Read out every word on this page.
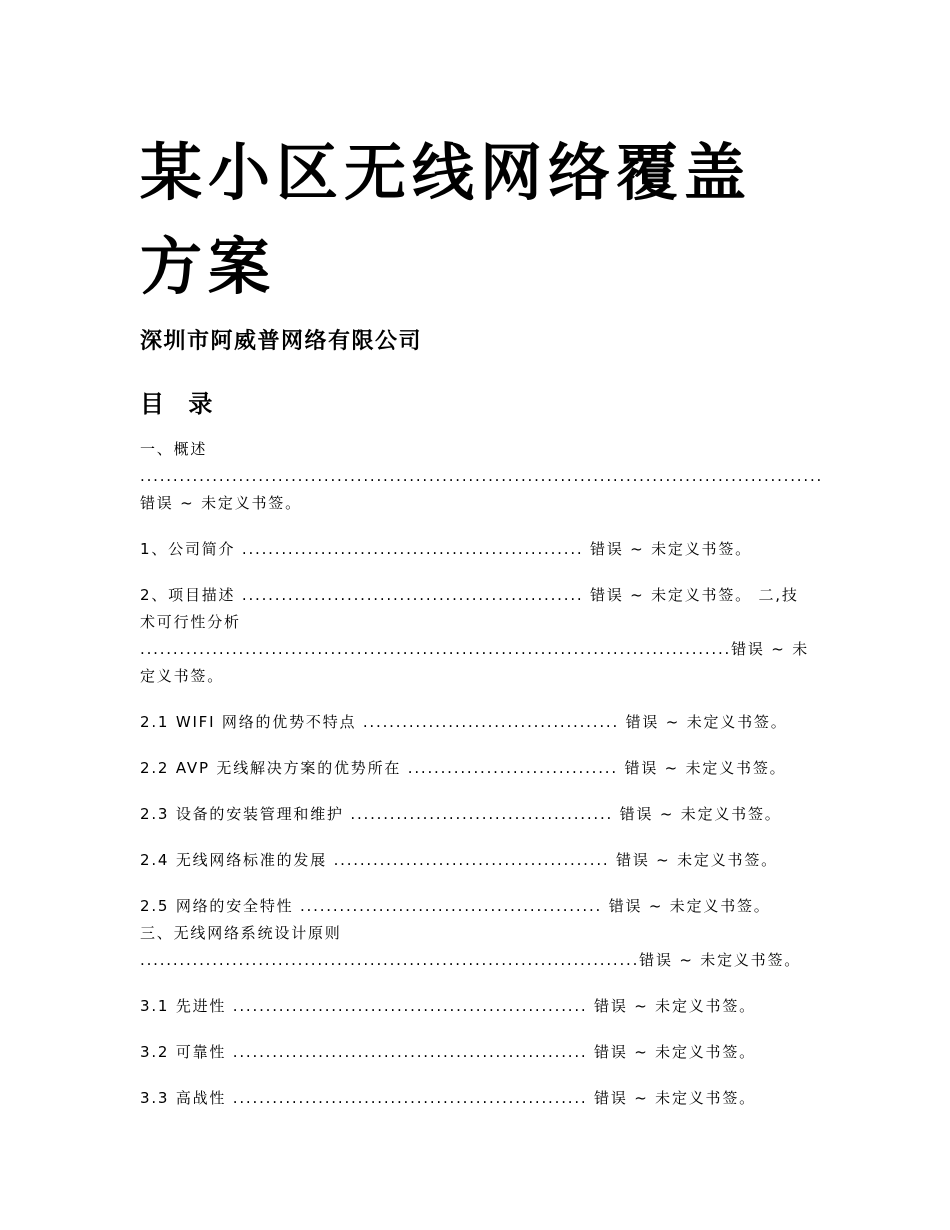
某小区无线网络覆盖方案
深圳市阿威普网络有限公司
目 录

一、概述 ........................................................................................................错误 ~ 未定义书签。

1、公司简介 .................................................... 错误 ~ 未定义书签。

2、项目描述 .................................................... 错误 ~ 未定义书签。 二,技术可行性分析 ..........................................................................................错误 ~ 未定义书签。

2.1 WIFI 网络的优势不特点 ....................................... 错误 ~ 未定义书签。

2.2 AVP 无线解决方案的优势所在 ................................ 错误 ~ 未定义书签。

2.3 设备的安装管理和维护 ........................................ 错误 ~ 未定义书签。

2.4 无线网络标准的发展 .......................................... 错误 ~ 未定义书签。

2.5 网络的安全特性 .............................................. 错误 ~ 未定义书签。 三、无线网络系统设计原则 ............................................................................错误 ~ 未定义书签。

3.1 先进性 ...................................................... 错误 ~ 未定义书签。

3.2 可靠性 ...................................................... 错误 ~ 未定义书签。

3.3 高战性 ...................................................... 错误 ~ 未定义书签。
